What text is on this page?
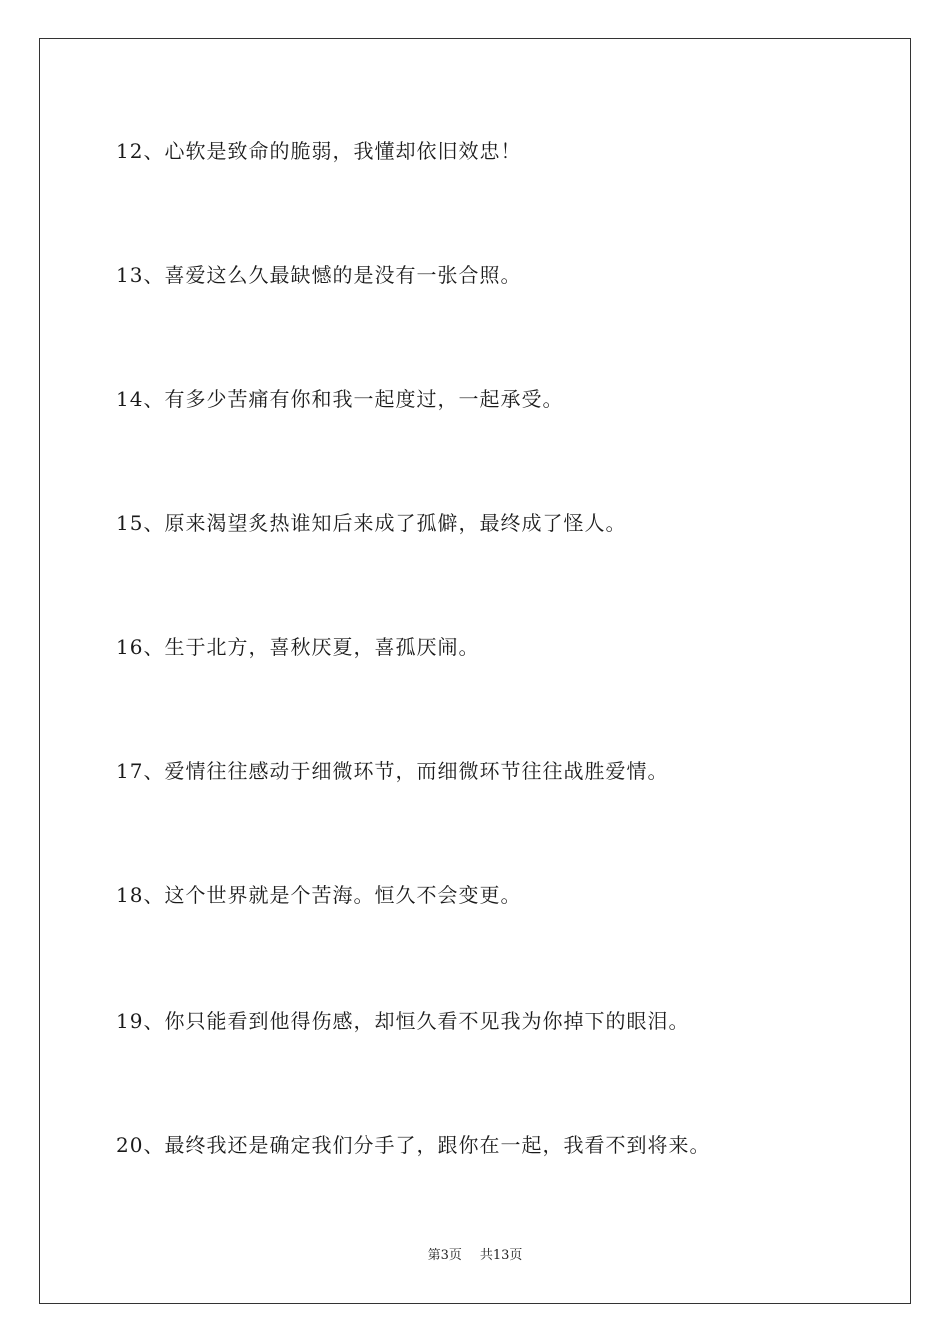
12、心软是致命的脆弱，我懂却依旧效忠！
13、喜爱这么久最缺憾的是没有一张合照。
14、有多少苦痛有你和我一起度过，一起承受。
15、原来渴望炙热谁知后来成了孤僻，最终成了怪人。
16、生于北方，喜秋厌夏，喜孤厌闹。
17、爱情往往感动于细微环节，而细微环节往往战胜爱情。
18、这个世界就是个苦海。恒久不会变更。
19、你只能看到他得伤感，却恒久看不见我为你掉下的眼泪。
20、最终我还是确定我们分手了，跟你在一起，我看不到将来。
第3页 共13页
